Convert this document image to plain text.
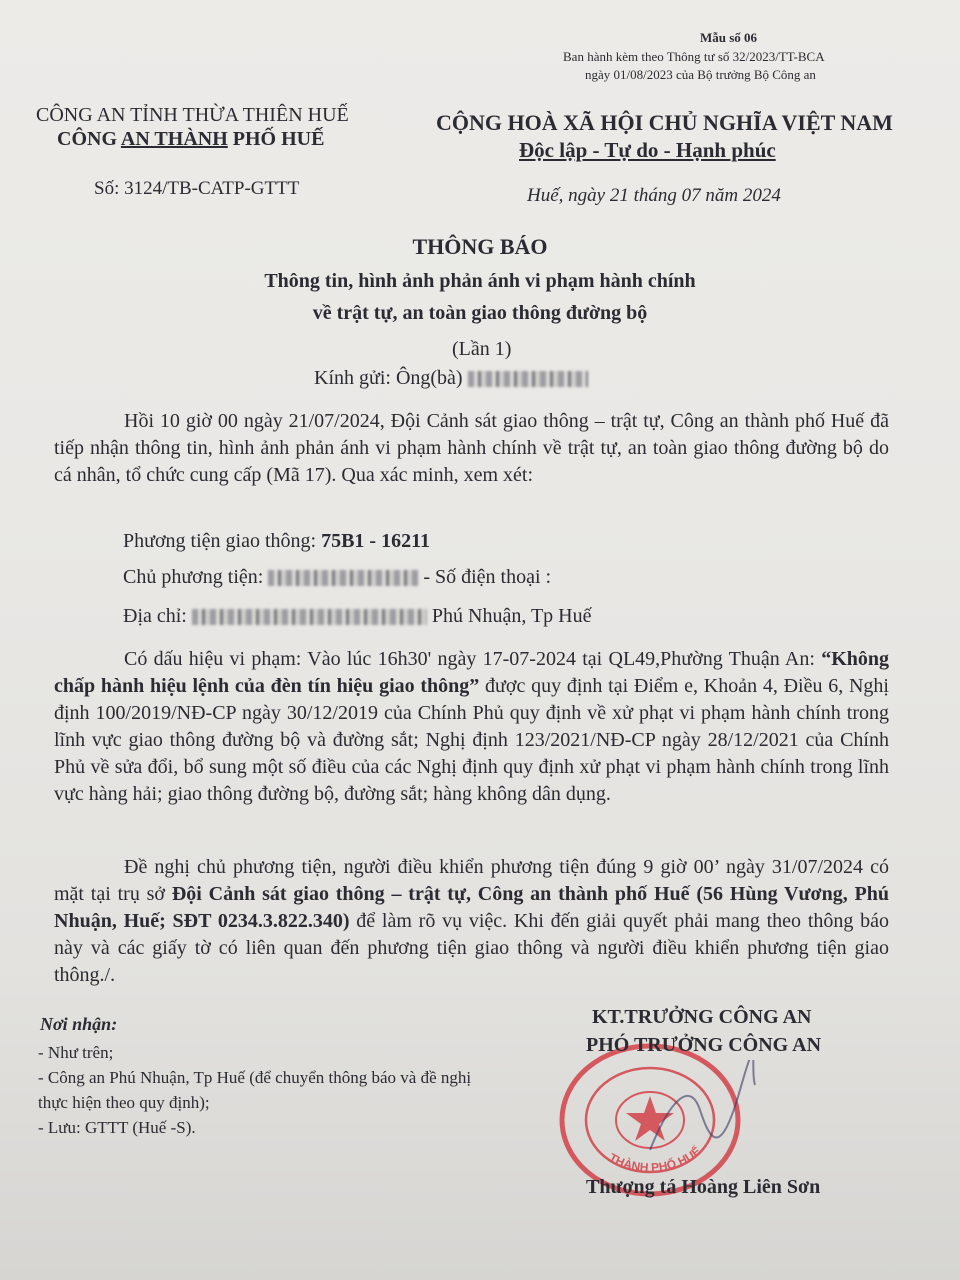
Mẫu số 06
Ban hành kèm theo Thông tư số 32/2023/TT-BCA
ngày 01/08/2023 của Bộ trưởng Bộ Công an
CÔNG AN TỈNH THỪA THIÊN HUẾ
CÔNG AN THÀNH PHỐ HUẾ
CỘNG HOÀ XÃ HỘI CHỦ NGHĨA VIỆT NAM
Độc lập - Tự do - Hạnh phúc
Số: 3124/TB-CATP-GTTT	Huế, ngày 21 tháng 07 năm 2024
THÔNG BÁO
Thông tin, hình ảnh phản ánh vi phạm hành chính
về trật tự, an toàn giao thông đường bộ
(Lần 1)
Kính gửi: Ông(bà)
Hồi 10 giờ 00 ngày 21/07/2024, Đội Cảnh sát giao thông – trật tự, Công an thành phố Huế đã tiếp nhận thông tin, hình ảnh phản ánh vi phạm hành chính về trật tự, an toàn giao thông đường bộ do cá nhân, tổ chức cung cấp (Mã 17). Qua xác minh, xem xét:
Phương tiện giao thông: 75B1 - 16211
Chủ phương tiện:	- Số điện thoại :
Địa chỉ:	Phú Nhuận, Tp Huế
Có dấu hiệu vi phạm: Vào lúc 16h30' ngày 17-07-2024 tại QL49,Phường Thuận An: “Không chấp hành hiệu lệnh của đèn tín hiệu giao thông” được quy định tại Điểm e, Khoản 4, Điều 6, Nghị định 100/2019/NĐ-CP ngày 30/12/2019 của Chính Phủ quy định về xử phạt vi phạm hành chính trong lĩnh vực giao thông đường bộ và đường sắt; Nghị định 123/2021/NĐ-CP ngày 28/12/2021 của Chính Phủ về sửa đổi, bổ sung một số điều của các Nghị định quy định xử phạt vi phạm hành chính trong lĩnh vực hàng hải; giao thông đường bộ, đường sắt; hàng không dân dụng.
Đề nghị chủ phương tiện, người điều khiển phương tiện đúng 9 giờ 00’ ngày 31/07/2024 có mặt tại trụ sở Đội Cảnh sát giao thông – trật tự, Công an thành phố Huế (56 Hùng Vương, Phú Nhuận, Huế; SĐT 0234.3.822.340) để làm rõ vụ việc. Khi đến giải quyết phải mang theo thông báo này và các giấy tờ có liên quan đến phương tiện giao thông và người điều khiển phương tiện giao thông./.
Nơi nhận:
- Như trên;
- Công an Phú Nhuận, Tp Huế (để chuyển thông báo và đề nghị thực hiện theo quy định);
- Lưu: GTTT (Huế -S).
THÀNH PHỐ HUẾ
KT.TRƯỞNG CÔNG AN
PHÓ TRƯỞNG CÔNG AN
Thượng tá Hoàng Liên Sơn
